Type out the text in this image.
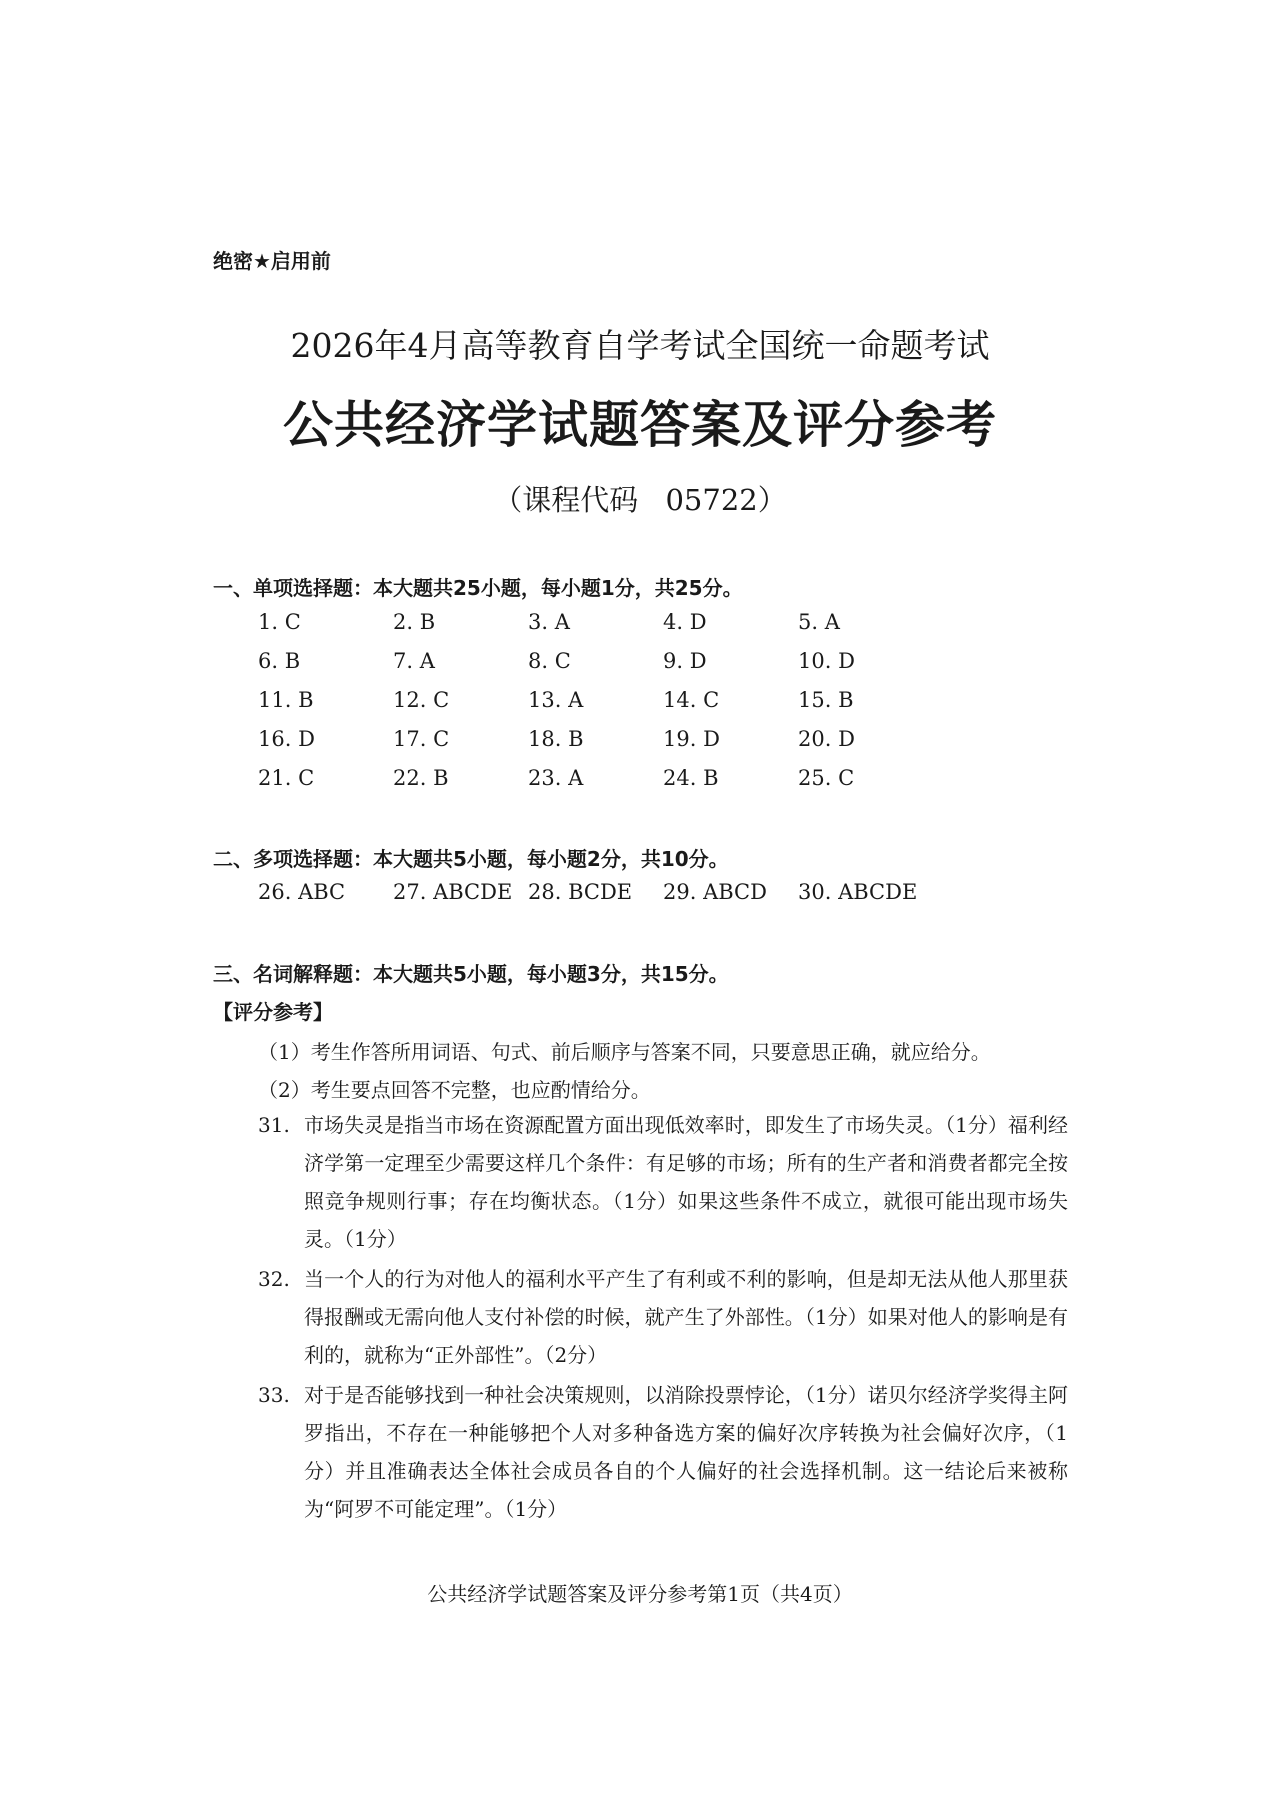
绝密★启用前
2026年4月高等教育自学考试全国统一命题考试
公共经济学试题答案及评分参考
（课程代码 05722）
一、单项选择题：本大题共25小题，每小题1分，共25分。
1. C	2. B	3. A	4. D	5. A
6. B	7. A	8. C	9. D	10. D
11. B	12. C	13. A	14. C	15. B
16. D	17. C	18. B	19. D	20. D
21. C	22. B	23. A	24. B	25. C
二、多项选择题：本大题共5小题，每小题2分，共10分。
26. ABC	27. ABCDE 28. BCDE	29. ABCD	30. ABCDE
三、名词解释题：本大题共5小题，每小题3分，共15分。
【评分参考】
（1）考生作答所用词语、句式、前后顺序与答案不同，只要意思正确，就应给分。
（2）考生要点回答不完整，也应酌情给分。
31. 市场失灵是指当市场在资源配置方面出现低效率时，即发生了市场失灵。（1分）福利经济学第一定理至少需要这样几个条件：有足够的市场；所有的生产者和消费者都完全按照竞争规则行事；存在均衡状态。（1分）如果这些条件不成立，就很可能出现市场失灵。（1分）
32. 当一个人的行为对他人的福利水平产生了有利或不利的影响，但是却无法从他人那里获得报酬或无需向他人支付补偿的时候，就产生了外部性。（1分）如果对他人的影响是有利的，就称为“正外部性”。（2分）
33. 对于是否能够找到一种社会决策规则，以消除投票悖论，（1分）诺贝尔经济学奖得主阿罗指出，不存在一种能够把个人对多种备选方案的偏好次序转换为社会偏好次序，（1分）并且准确表达全体社会成员各自的个人偏好的社会选择机制。这一结论后来被称为“阿罗不可能定理”。（1分）
公共经济学试题答案及评分参考第1页（共4页）
